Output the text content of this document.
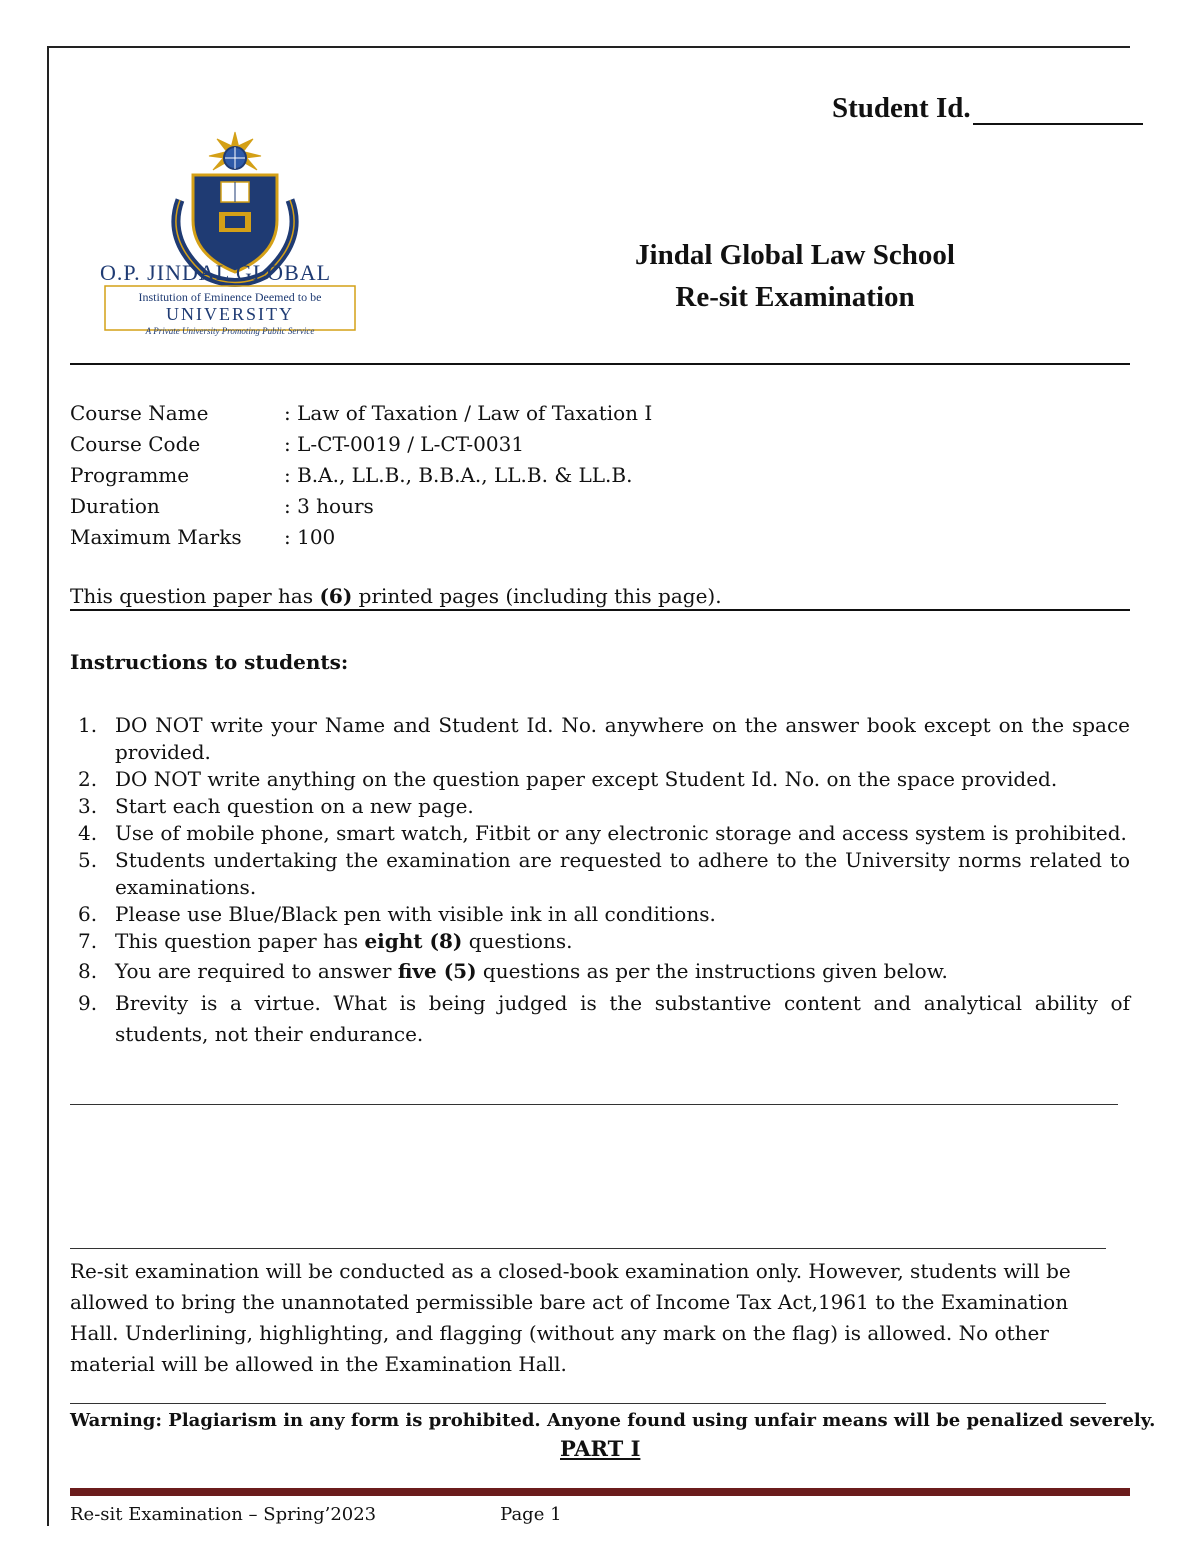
Student Id.
O.P. JINDAL GLOBAL
Institution of Eminence Deemed to be
UNIVERSITY
A Private University Promoting Public Service
Jindal Global Law School
Re-sit Examination
Course Name	: Law of Taxation / Law of Taxation I
Course Code	: L-CT-0019 / L-CT-0031
Programme	: B.A., LL.B., B.B.A., LL.B. & LL.B.
Duration	: 3 hours
Maximum Marks	: 100
This question paper has (6) printed pages (including this page).
Instructions to students:
1. DO NOT write your Name and Student Id. No. anywhere on the answer book except on the space provided.
2. DO NOT write anything on the question paper except Student Id. No. on the space provided.
3. Start each question on a new page.
4. Use of mobile phone, smart watch, Fitbit or any electronic storage and access system is prohibited.
5. Students undertaking the examination are requested to adhere to the University norms related to examinations.
6. Please use Blue/Black pen with visible ink in all conditions.
7. This question paper has eight (8) questions.
8. You are required to answer five (5) questions as per the instructions given below.
9. Brevity is a virtue. What is being judged is the substantive content and analytical ability of students, not their endurance.
Re-sit examination will be conducted as a closed-book examination only. However, students will be allowed to bring the unannotated permissible bare act of Income Tax Act,1961 to the Examination Hall. Underlining, highlighting, and flagging (without any mark on the flag) is allowed. No other material will be allowed in the Examination Hall.
Warning: Plagiarism in any form is prohibited. Anyone found using unfair means will be penalized severely.
PART I
Re-sit Examination – Spring’2023	Page 1
